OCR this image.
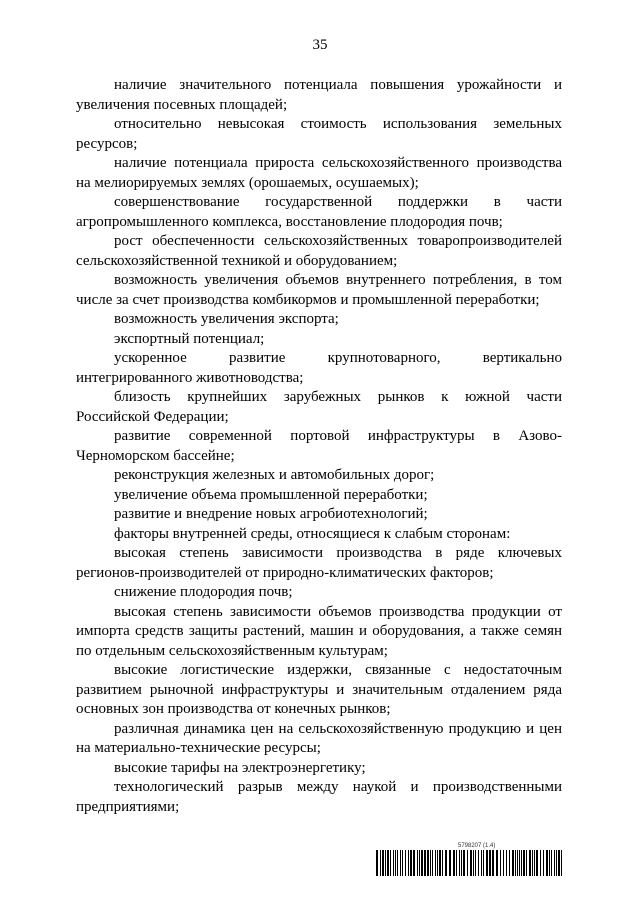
35

наличие значительного потенциала повышения урожайности и увеличения посевных площадей;

относительно невысокая стоимость использования земельных ресурсов;

наличие потенциала прироста сельскохозяйственного производства на мелиорируемых землях (орошаемых, осушаемых);

совершенствование государственной поддержки в части агропромышленного комплекса, восстановление плодородия почв;

рост обеспеченности сельскохозяйственных товаропроизводителей сельскохозяйственной техникой и оборудованием;

возможность увеличения объемов внутреннего потребления, в том числе за счет производства комбикормов и промышленной переработки;

возможность увеличения экспорта;

экспортный потенциал;

ускоренное развитие крупнотоварного, вертикально интегрированного животноводства;

близость крупнейших зарубежных рынков к южной части Российской Федерации;

развитие современной портовой инфраструктуры в Азово-Черноморском бассейне;

реконструкция железных и автомобильных дорог;

увеличение объема промышленной переработки;

развитие и внедрение новых агробиотехнологий;

факторы внутренней среды, относящиеся к слабым сторонам:

высокая степень зависимости производства в ряде ключевых регионов-производителей от природно-климатических факторов;

снижение плодородия почв;

высокая степень зависимости объемов производства продукции от импорта средств защиты растений, машин и оборудования, а также семян по отдельным сельскохозяйственным культурам;

высокие логистические издержки, связанные с недостаточным развитием рыночной инфраструктуры и значительным отдалением ряда основных зон производства от конечных рынков;

различная динамика цен на сельскохозяйственную продукцию и цен на материально-технические ресурсы;

высокие тарифы на электроэнергетику;

технологический разрыв между наукой и производственными предприятиями;

5798207 (1.4)
